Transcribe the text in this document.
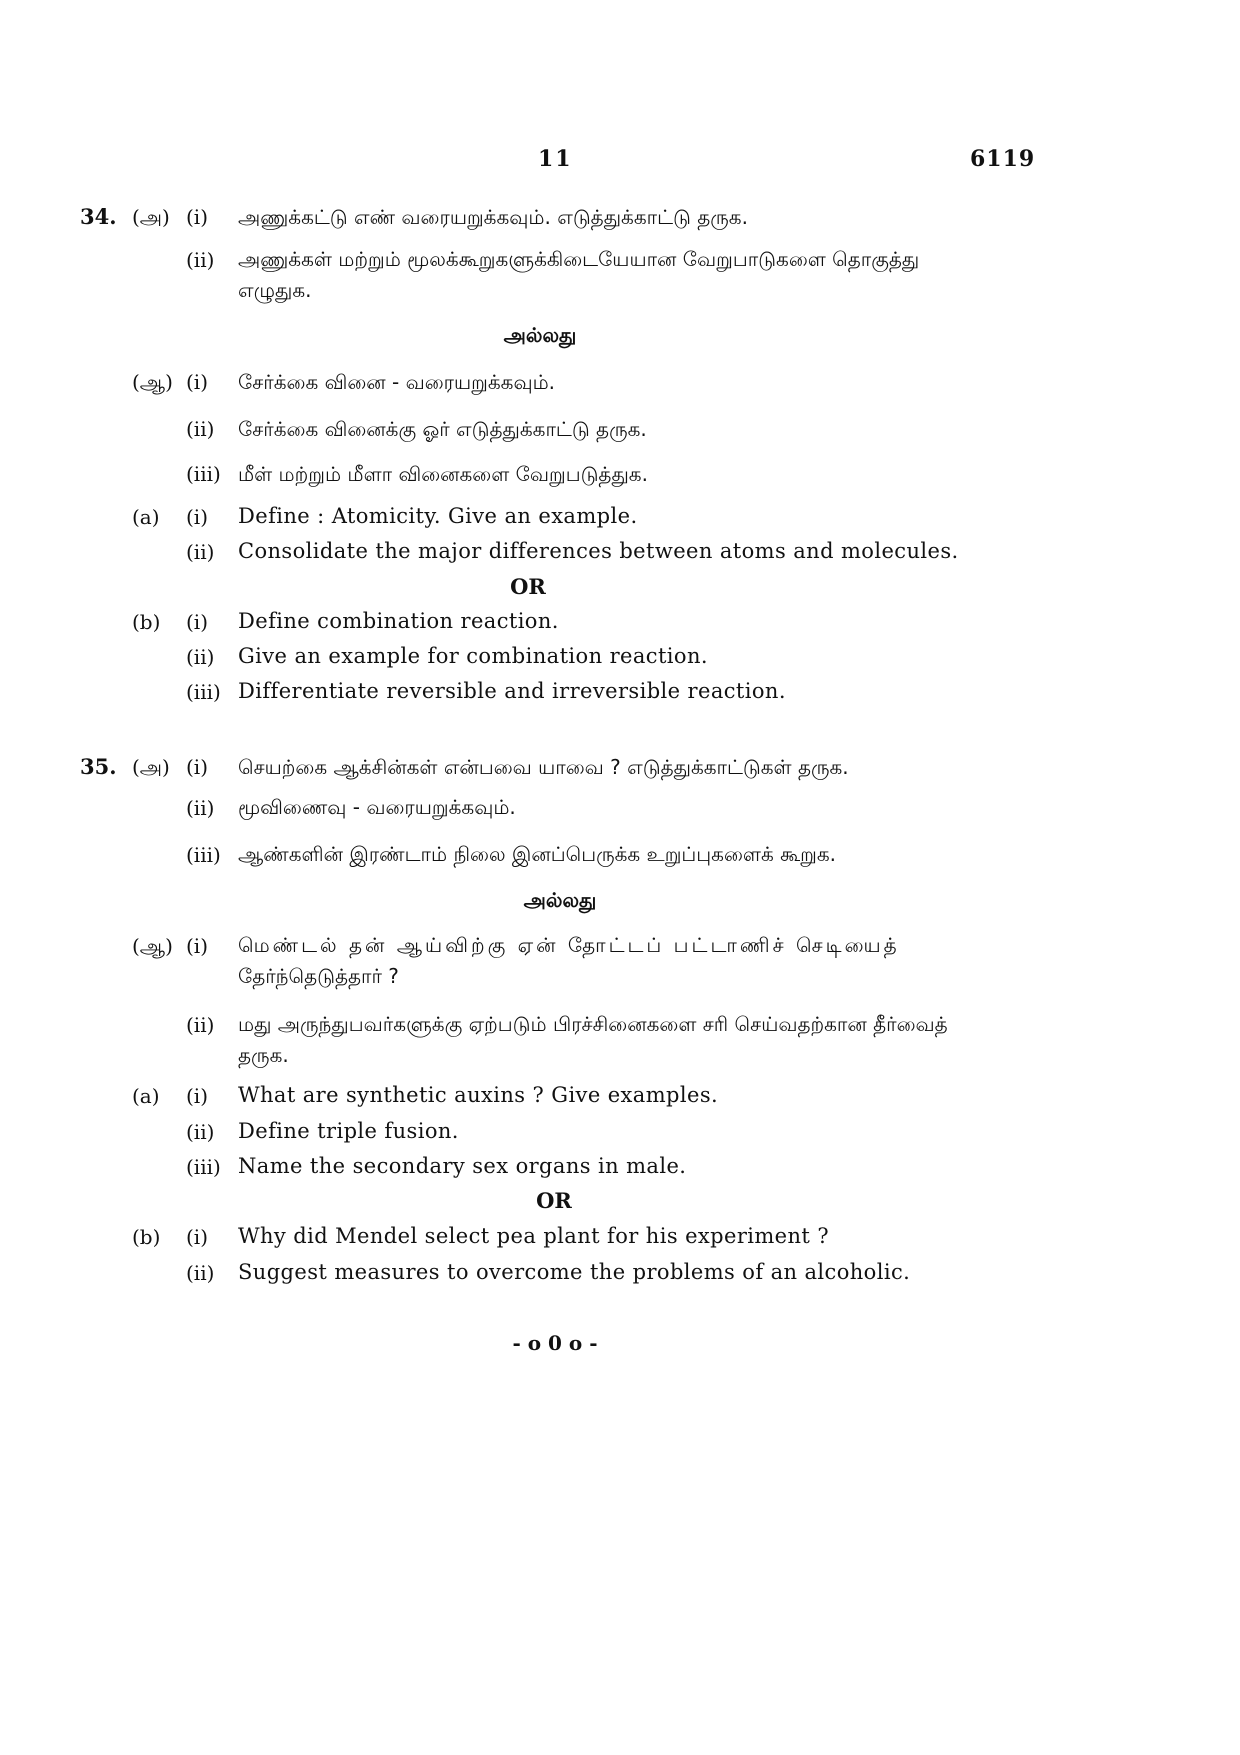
11	6119
34. (அ) (i) அணுக்கட்டு எண் வரையறுக்கவும். எடுத்துக்காட்டு தருக.
(ii) அணுக்கள் மற்றும் மூலக்கூறுகளுக்கிடையேயான வேறுபாடுகளை தொகுத்து
எழுதுக.
அல்லது
(ஆ) (i) சேர்க்கை வினை - வரையறுக்கவும்.
(ii) சேர்க்கை வினைக்கு ஓர் எடுத்துக்காட்டு தருக.
(iii) மீள் மற்றும் மீளா வினைகளை வேறுபடுத்துக.
(a) (i) Define : Atomicity. Give an example.
(ii) Consolidate the major differences between atoms and molecules.
OR
(b) (i) Define combination reaction.
(ii) Give an example for combination reaction.
(iii) Differentiate reversible and irreversible reaction.
35. (அ) (i) செயற்கை ஆக்சின்கள் என்பவை யாவை ? எடுத்துக்காட்டுகள் தருக.
(ii) மூவிணைவு - வரையறுக்கவும்.
(iii) ஆண்களின் இரண்டாம் நிலை இனப்பெருக்க உறுப்புகளைக் கூறுக.
அல்லது
(ஆ) (i) மெண்டல் தன் ஆய்விற்கு ஏன் தோட்டப் பட்டாணிச் செடியைத்
தேர்ந்தெடுத்தார் ?
(ii) மது அருந்துபவர்களுக்கு ஏற்படும் பிரச்சினைகளை சரி செய்வதற்கான தீர்வைத்
தருக.
(a) (i) What are synthetic auxins ? Give examples.
(ii) Define triple fusion.
(iii) Name the secondary sex organs in male.
OR
(b) (i) Why did Mendel select pea plant for his experiment ?
(ii) Suggest measures to overcome the problems of an alcoholic.
- o 0 o -
